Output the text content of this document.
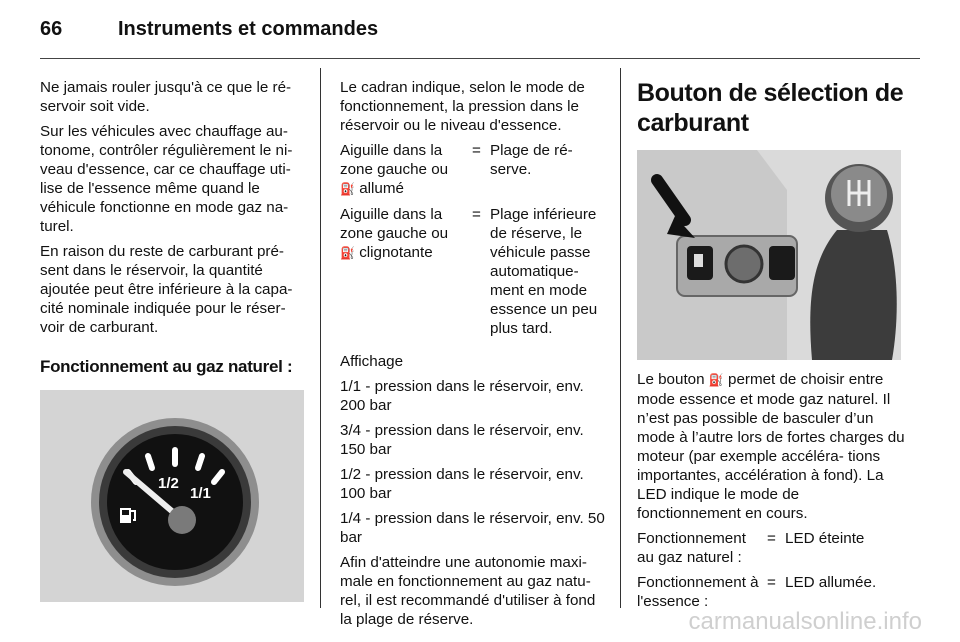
66	Instruments et commandes

Ne jamais rouler jusqu'à ce que le ré- servoir soit vide.

Sur les véhicules avec chauffage au- tonome, contrôler régulièrement le ni- veau d'essence, car ce chauffage uti- lise de l'essence même quand le véhicule fonctionne en mode gaz na- turel.

En raison du reste de carburant pré- sent dans le réservoir, la quantité ajoutée peut être inférieure à la capa- cité nominale indiquée pour le réser- voir de carburant.

Fonctionnement au gaz naturel :
1/2
1/1

Le cadran indique, selon le mode de fonctionnement, la pression dans le réservoir ou le niveau d'essence.

Aiguille dans la zone gauche ou
⛽ allumé
= Plage de ré- serve.
Aiguille dans la zone gauche ou
⛽ clignotante
= Plage inférieure de réserve, le véhicule passe automatique- ment en mode essence un peu plus tard.

Affichage

1/1 - pression dans le réservoir, env. 200 bar

3/4 - pression dans le réservoir, env. 150 bar

1/2 - pression dans le réservoir, env. 100 bar

1/4 - pression dans le réservoir, env. 50 bar

Afin d'atteindre une autonomie maxi- male en fonctionnement au gaz natu- rel, il est recommandé d'utiliser à fond la plage de réserve.

Bouton de sélection de carburant

Le bouton ⛽ permet de choisir entre mode essence et mode gaz naturel. Il n’est pas possible de basculer d’un mode à l’autre lors de fortes charges du moteur (par exemple accéléra- tions importantes, accélération à fond). La LED indique le mode de fonctionnement en cours.

Fonctionnement au gaz naturel :
= LED éteinte
Fonctionnement à l'essence :
= LED allumée.
carmanualsonline.info
